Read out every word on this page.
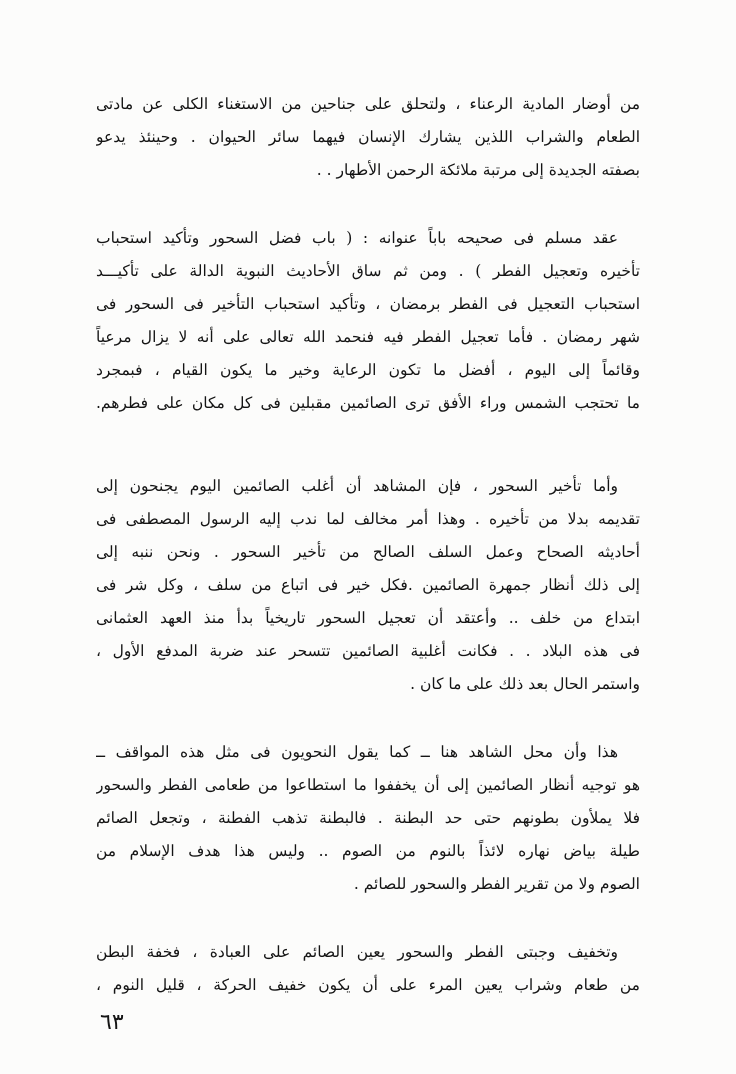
من أوضار المادية الرعناء ، ولتحلق على جناحين من الاستغناء الكلى عن مادتى
الطعام والشراب اللذين يشارك الإنسان فيهما سائر الحيوان . وحينئذ يدعو
بصفته الجديدة إلى مرتبة ملائكة الرحمن الأطهار . .

عقد مسلم فى صحيحه باباً عنوانه : ( باب فضل السحور وتأكيد استحباب
تأخيره وتعجيل الفطر ) . ومن ثم ساق الأحاديث النبوية الدالة على تأكيـــد
استحباب التعجيل فى الفطر برمضان ، وتأكيد استحباب التأخير فى السحور فى
شهر رمضان . فأما تعجيل الفطر فيه فنحمد الله تعالى على أنه لا يزال مرعياً
وقائماً إلى اليوم ، أفضل ما تكون الرعاية وخير ما يكون القيام ، فبمجرد
ما تحتجب الشمس وراء الأفق ترى الصائمين مقبلين فى كل مكان على فطرهم.

وأما تأخير السحور ، فإن المشاهد أن أغلب الصائمين اليوم يجنحون إلى
تقديمه بدلا من تأخيره . وهذا أمر مخالف لما ندب إليه الرسول المصطفى فى
أحاديثه الصحاح وعمل السلف الصالح من تأخير السحور . ونحن ننبه إلى
إلى ذلك أنظار جمهرة الصائمين .فكل خير فى اتباع من سلف ، وكل شر فى
ابتداع من خلف .. وأعتقد أن تعجيل السحور تاريخياً بدأ منذ العهد العثمانى
فى هذه البلاد . . فكانت أغلبية الصائمين تتسحر عند ضربة المدفع الأول ،
واستمر الحال بعد ذلك على ما كان .

هذا وأن محل الشاهد هنا ــ كما يقول النحويون فى مثل هذه المواقف ــ
هو توجيه أنظار الصائمين إلى أن يخففوا ما استطاعوا من طعامى الفطر والسحور
فلا يملأون بطونهم حتى حد البطنة . فالبطنة تذهب الفطنة ، وتجعل الصائم
طيلة بياض نهاره لائذاً بالنوم من الصوم .. وليس هذا هدف الإسلام من
الصوم ولا من تقرير الفطر والسحور للصائم .

وتخفيف وجبتى الفطر والسحور يعين الصائم على العبادة ، فخفة البطن
من طعام وشراب يعين المرء على أن يكون خفيف الحركة ، قليل النوم ،

٦٣
